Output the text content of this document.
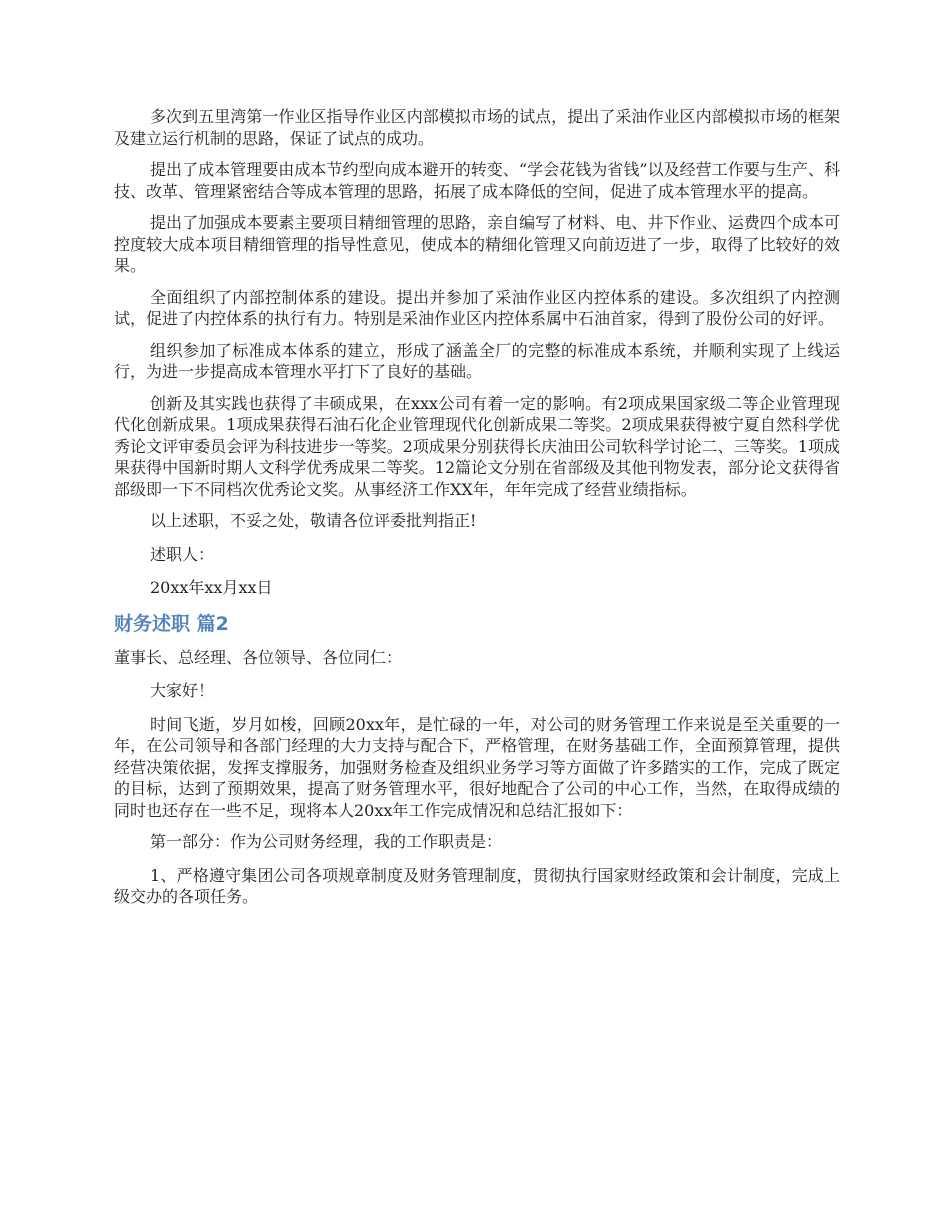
多次到五里湾第一作业区指导作业区内部模拟市场的试点，提出了采油作业区内部模拟市场的框架及建立运行机制的思路，保证了试点的成功。

提出了成本管理要由成本节约型向成本避开的转变、“学会花钱为省钱”以及经营工作要与生产、科技、改革、管理紧密结合等成本管理的思路，拓展了成本降低的空间，促进了成本管理水平的提高。

提出了加强成本要素主要项目精细管理的思路，亲自编写了材料、电、井下作业、运费四个成本可控度较大成本项目精细管理的指导性意见，使成本的精细化管理又向前迈进了一步，取得了比较好的效果。

全面组织了内部控制体系的建设。提出并参加了采油作业区内控体系的建设。多次组织了内控测试，促进了内控体系的执行有力。特别是采油作业区内控体系属中石油首家，得到了股份公司的好评。

组织参加了标准成本体系的建立，形成了涵盖全厂的完整的标准成本系统，并顺利实现了上线运行，为进一步提高成本管理水平打下了良好的基础。

创新及其实践也获得了丰硕成果，在xxx公司有着一定的影响。有2项成果国家级二等企业管理现代化创新成果。1项成果获得石油石化企业管理现代化创新成果二等奖。2项成果获得被宁夏自然科学优秀论文评审委员会评为科技进步一等奖。2项成果分别获得长庆油田公司软科学讨论二、三等奖。1项成果获得中国新时期人文科学优秀成果二等奖。12篇论文分别在省部级及其他刊物发表，部分论文获得省部级即一下不同档次优秀论文奖。从事经济工作XX年，年年完成了经营业绩指标。

以上述职，不妥之处，敬请各位评委批判指正!

述职人：

20xx年xx月xx日

财务述职 篇2

董事长、总经理、各位领导、各位同仁：

大家好！

时间飞逝，岁月如梭，回顾20xx年，是忙碌的一年，对公司的财务管理工作来说是至关重要的一年，在公司领导和各部门经理的大力支持与配合下，严格管理，在财务基础工作，全面预算管理，提供经营决策依据，发挥支撑服务，加强财务检查及组织业务学习等方面做了许多踏实的工作，完成了既定的目标，达到了预期效果，提高了财务管理水平，很好地配合了公司的中心工作，当然，在取得成绩的同时也还存在一些不足，现将本人20xx年工作完成情况和总结汇报如下：

第一部分：作为公司财务经理，我的工作职责是：

1、严格遵守集团公司各项规章制度及财务管理制度，贯彻执行国家财经政策和会计制度，完成上级交办的各项任务。
